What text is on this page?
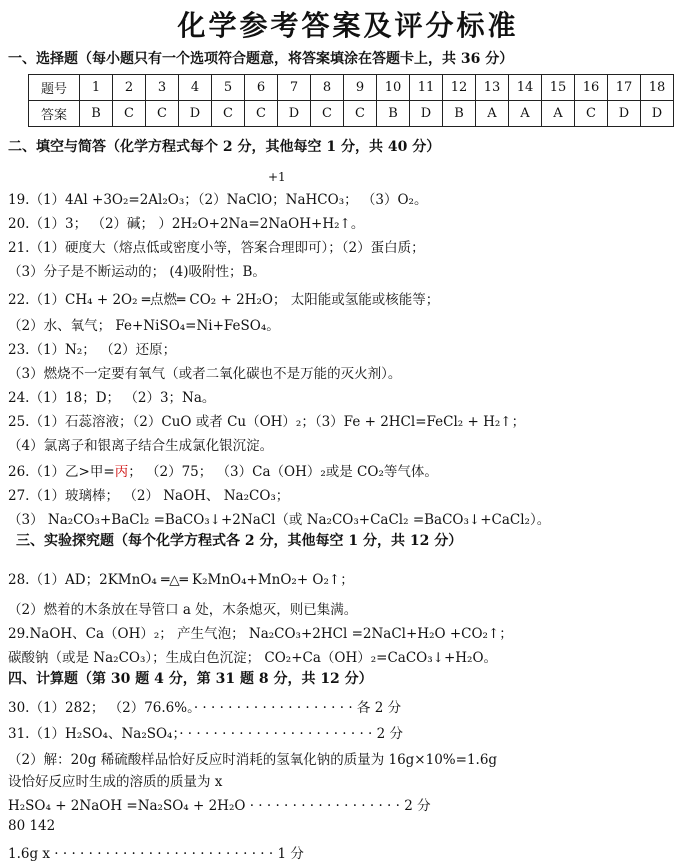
化学参考答案及评分标准
一、选择题（每小题只有一个选项符合题意，将答案填涂在答题卡上，共 36 分）
题号	1	2	3	4	5	6	7	8	9	10	11	12	13	14	15	16	17	18
答案	B	C	C	D	C	C	D	C	C	B	D	B	A	A	A	C	D	D
二、填空与简答（化学方程式每个 2 分，其他每空 1 分，共 40 分）
+1
19.（1）4Al +3O₂=2Al₂O₃；（2）NaClO；NaHCO₃； （3）O₂。
20.（1）3； （2）碱； ）2H₂O+2Na=2NaOH+H₂↑。
21.（1）硬度大（熔点低或密度小等，答案合理即可）；（2）蛋白质；
（3）分子是不断运动的； (4)吸附性；B。
22.（1）CH₄ + 2O₂ ═点燃═ CO₂ + 2H₂O； 太阳能或氢能或核能等；
（2）水、氧气； Fe+NiSO₄=Ni+FeSO₄。
23.（1）N₂； （2）还原；
（3）燃烧不一定要有氧气（或者二氧化碳也不是万能的灭火剂）。
24.（1）18；D； （2）3；Na。
25.（1）石蕊溶液；（2）CuO 或者 Cu（OH）₂；（3）Fe + 2HCl=FeCl₂ + H₂↑；
（4）氯离子和银离子结合生成氯化银沉淀。
26.（1）乙>甲=丙； （2）75； （3）Ca（OH）₂或是 CO₂等气体。
27.（1）玻璃棒； （2） NaOH、 Na₂CO₃；
（3） Na₂CO₃+BaCl₂ =BaCO₃↓+2NaCl（或 Na₂CO₃+CaCl₂ =BaCO₃↓+CaCl₂）。
三、实验探究题（每个化学方程式各 2 分，其他每空 1 分，共 12 分）
28.（1）AD；2KMnO₄ ═△═ K₂MnO₄+MnO₂+ O₂↑；
（2）燃着的木条放在导管口 a 处，木条熄灭，则已集满。
29.NaOH、Ca（OH）₂； 产生气泡； Na₂CO₃+2HCl =2NaCl+H₂O +CO₂↑；
碳酸钠（或是 Na₂CO₃）；生成白色沉淀； CO₂+Ca（OH）₂=CaCO₃↓+H₂O。
四、计算题（第 30 题 4 分，第 31 题 8 分，共 12 分）
30.（1）282； （2）76.6%。· · · · · · · · · · · · · · · · · · · 各 2 分
31.（1）H₂SO₄、Na₂SO₄；· · · · · · · · · · · · · · · · · · · · · · · 2 分
（2）解：20g 稀硫酸样品恰好反应时消耗的氢氧化钠的质量为 16g×10%=1.6g
设恰好反应时生成的溶质的质量为 x
H₂SO₄ + 2NaOH =Na₂SO₄ + 2H₂O · · · · · · · · · · · · · · · · · · 2 分
80 142
1.6g x · · · · · · · · · · · · · · · · · · · · · · · · · · 1 分
